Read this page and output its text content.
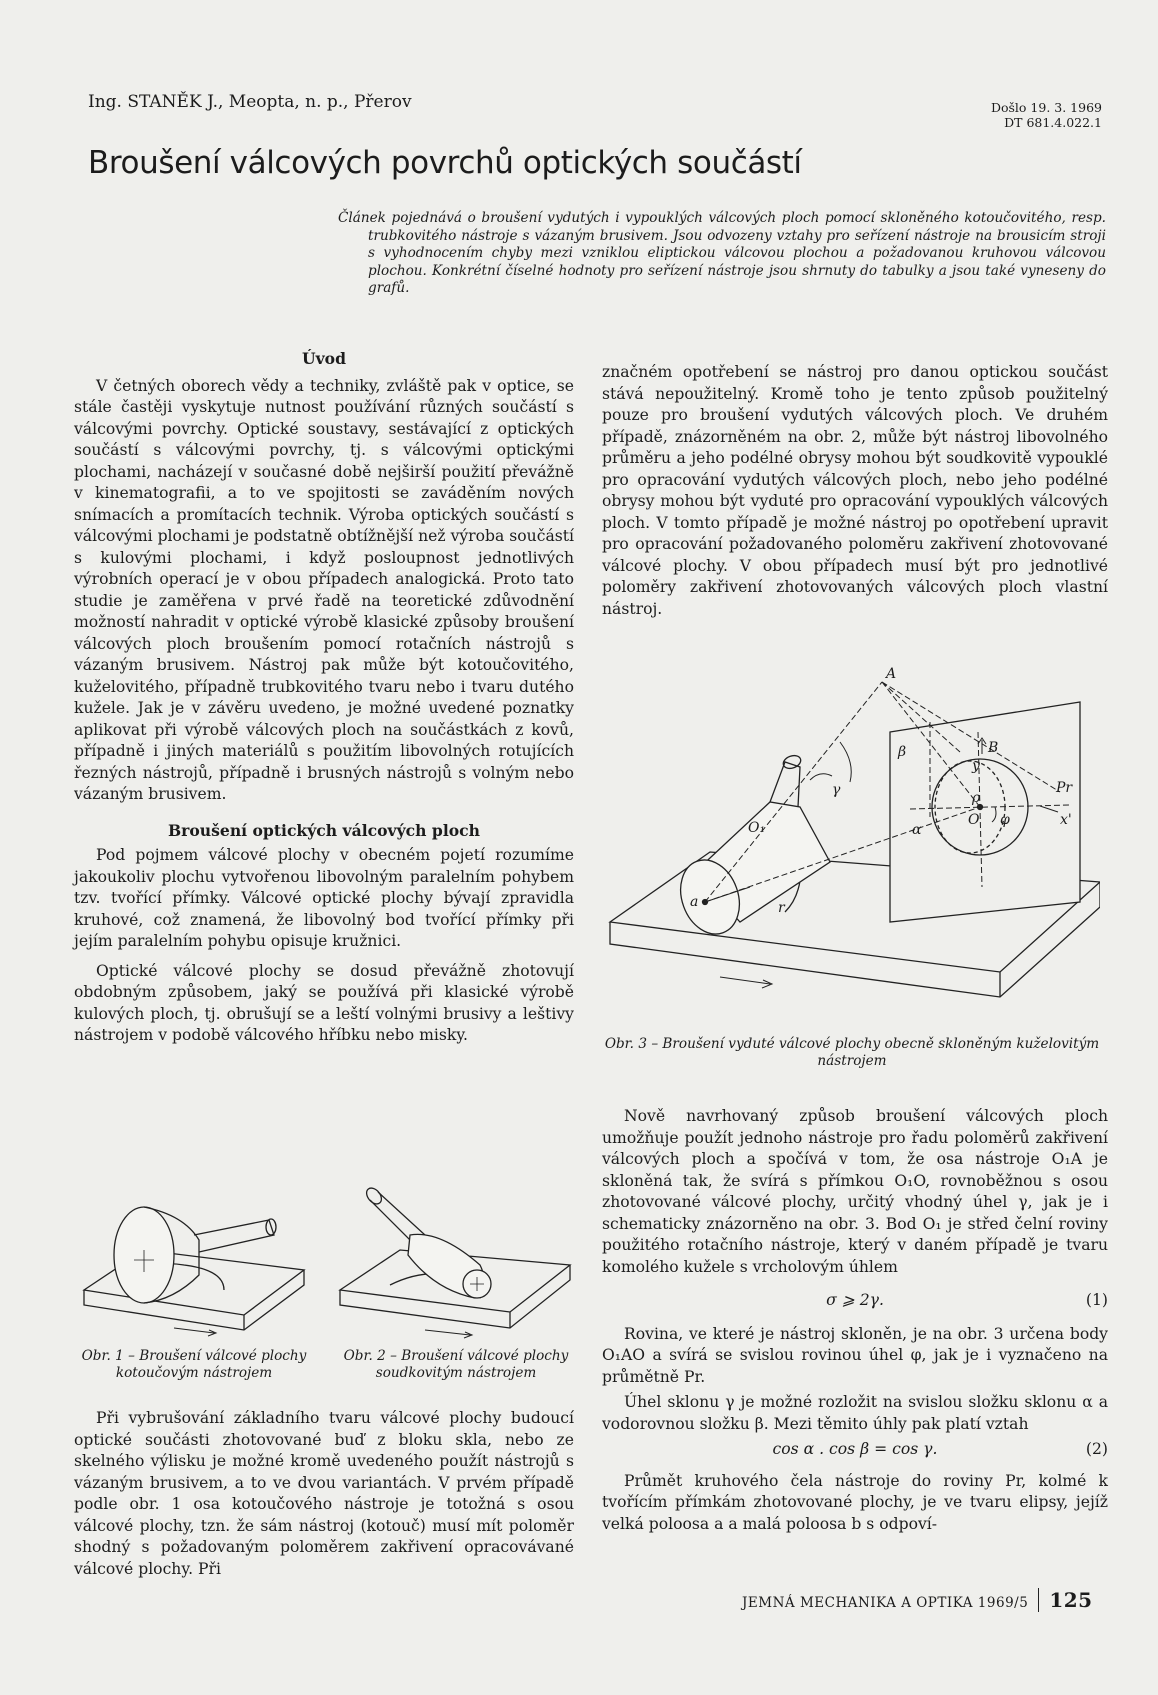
Ing. STANĚK J., Meopta, n. p., Přerov	Došlo 19. 3. 1969
DT 681.4.022.1
Broušení válcových povrchů optických součástí

Článek pojednává o broušení vydutých i vypouklých válcových ploch pomocí skloněného kotoučovitého, resp. trubkovitého nástroje s vázaným brusivem. Jsou odvozeny vztahy pro seřízení nástroje na brousicím stroji s vyhodnocením chyby mezi vzniklou eliptickou válcovou plochou a požadovanou kruhovou válcovou plochou. Konkrétní číselné hodnoty pro seřízení nástroje jsou shrnuty do tabulky a jsou také vyneseny do grafů.

Úvod

V četných oborech vědy a techniky, zvláště pak v optice, se stále častěji vyskytuje nutnost používání různých součástí s válcovými povrchy. Optické soustavy, sestávající z optických součástí s válcovými povrchy, tj. s válcovými optickými plochami, nacházejí v současné době nejširší použití převážně v kinematografii, a to ve spojitosti se zaváděním nových snímacích a promítacích technik. Výroba optických součástí s válcovými plochami je podstatně obtížnější než výroba součástí s kulovými plochami, i když posloupnost jednotlivých výrobních operací je v obou případech analogická. Proto tato studie je zaměřena v prvé řadě na teoretické zdůvodnění možností nahradit v optické výrobě klasické způsoby broušení válcových ploch broušením pomocí rotačních nástrojů s vázaným brusivem. Nástroj pak může být kotoučovitého, kuželovitého, případně trubkovitého tvaru nebo i tvaru dutého kužele. Jak je v závěru uvedeno, je možné uvedené poznatky aplikovat při výrobě válcových ploch na součástkách z kovů, případně i jiných materiálů s použitím libovolných rotujících řezných nástrojů, případně i brusných nástrojů s volným nebo vázaným brusivem.

Broušení optických válcových ploch

Pod pojmem válcové plochy v obecném pojetí rozumíme jakoukoliv plochu vytvořenou libovolným paralelním pohybem tzv. tvořící přímky. Válcové optické plochy bývají zpravidla kruhové, což znamená, že libovolný bod tvořící přímky při jejím paralelním pohybu opisuje kružnici.

Optické válcové plochy se dosud převážně zhotovují obdobným způsobem, jaký se používá při klasické výrobě kulových ploch, tj. obrušují se a leští volnými brusivy a leštivy nástrojem v podobě válcového hříbku nebo misky.

Obr. 1 – Broušení válcové plochy kotoučovým nástrojem
Obr. 2 – Broušení válcové plochy soudkovitým nástrojem

Při vybrušování základního tvaru válcové plochy budoucí optické součásti zhotovované buď z bloku skla, nebo ze skelného výlisku je možné kromě uvedeného použít nástrojů s vázaným brusivem, a to ve dvou variantách. V prvém případě podle obr. 1 osa kotoučového nástroje je totožná s osou válcové plochy, tzn. že sám nástroj (kotouč) musí mít poloměr shodný s požadovaným poloměrem zakřivení opracovávané válcové plochy. Při

značném opotřebení se nástroj pro danou optickou součást stává nepoužitelný. Kromě toho je tento způsob použitelný pouze pro broušení vydutých válcových ploch. Ve druhém případě, znázorněném na obr. 2, může být nástroj libovolného průměru a jeho podélné obrysy mohou být soudkovitě vypouklé pro opracování vydutých válcových ploch, nebo jeho podélné obrysy mohou být vyduté pro opracování vypouklých válcových ploch. V tomto případě je možné nástroj po opotřebení upravit pro opracování požadovaného poloměru zakřivení zhotovované válcové plochy. V obou případech musí být pro jednotlivé poloměry zakřivení zhotovovaných válcových ploch vlastní nástroj.

A
B
β
y
Pr
γ
α
ρ
O φ	x'
O₁
a	r
Obr. 3 – Broušení vyduté válcové plochy obecně skloněným kuželovitým nástrojem

Nově navrhovaný způsob broušení válcových ploch umožňuje použít jednoho nástroje pro řadu poloměrů zakřivení válcových ploch a spočívá v tom, že osa nástroje O₁A je skloněná tak, že svírá s přímkou O₁O, rovnoběžnou s osou zhotovované válcové plochy, určitý vhodný úhel γ, jak je i schematicky znázorněno na obr. 3. Bod O₁ je střed čelní roviny použitého rotačního nástroje, který v daném případě je tvaru komolého kužele s vrcholovým úhlem

σ ⩾ 2γ.	(1)

Rovina, ve které je nástroj skloněn, je na obr. 3 určena body O₁AO a svírá se svislou rovinou úhel φ, jak je i vyznačeno na průmětně Pr.

Úhel sklonu γ je možné rozložit na svislou složku sklonu α a vodorovnou složku β. Mezi těmito úhly pak platí vztah

cos α . cos β = cos γ.	(2)

Průmět kruhového čela nástroje do roviny Pr, kolmé k tvořícím přímkám zhotovované plochy, je ve tvaru elipsy, jejíž velká poloosa a a malá poloosa b s odpoví-

JEMNÁ MECHANIKA A OPTIKA 1969/5 125
